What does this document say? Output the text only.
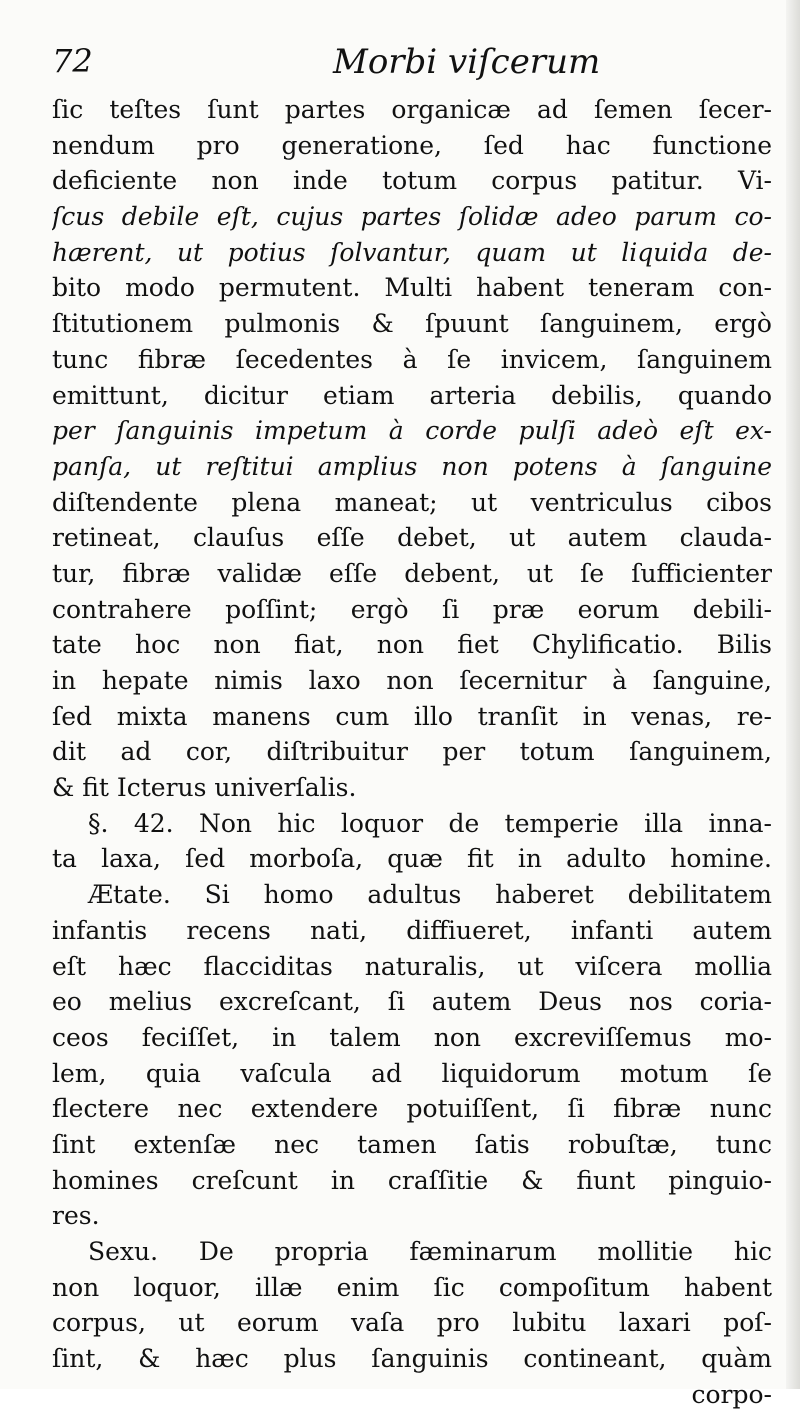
72	Morbi viſcerum
ſic teſtes ſunt partes organicæ ad ſemen ſecer-
nendum pro generatione, ſed hac functione
deficiente non inde totum corpus patitur. Vi-
ſcus debile eſt, cujus partes ſolidæ adeo parum co-
hærent, ut potius ſolvantur, quam ut liquida de-
bito modo permutent. Multi habent teneram con-
ſtitutionem pulmonis & ſpuunt ſanguinem, ergò
tunc fibræ ſecedentes à ſe invicem, ſanguinem
emittunt, dicitur etiam arteria debilis, quando
per ſanguinis impetum à corde pulſi adeò eſt ex-
panſa, ut reſtitui amplius non potens à ſanguine
diſtendente plena maneat; ut ventriculus cibos
retineat, clauſus eſſe debet, ut autem clauda-
tur, fibræ validæ eſſe debent, ut ſe ſufficienter
contrahere poſſint; ergò ſi præ eorum debili-
tate hoc non fiat, non fiet Chylificatio. Bilis
in hepate nimis laxo non ſecernitur à ſanguine,
ſed mixta manens cum illo tranſit in venas, re-
dit ad cor, diſtribuitur per totum ſanguinem,
& fit Icterus univerſalis.
§. 42. Non hic loquor de temperie illa inna-
ta laxa, ſed morboſa, quæ fit in adulto homine.
Ætate. Si homo adultus haberet debilitatem
infantis recens nati, diffiueret, infanti autem
eſt hæc flacciditas naturalis, ut viſcera mollia
eo melius excreſcant, ſi autem Deus nos coria-
ceos feciſſet, in talem non excreviſſemus mo-
lem, quia vaſcula ad liquidorum motum ſe
flectere nec extendere potuiſſent, ſi fibræ nunc
ſint extenſæ nec tamen ſatis robuſtæ, tunc
homines creſcunt in craſſitie & fiunt pinguio-
res.
Sexu. De propria fæminarum mollitie hic
non loquor, illæ enim ſic compoſitum habent
corpus, ut eorum vaſa pro lubitu laxari poſ-
ſint, & hæc plus ſanguinis contineant, quàm
corpo-
